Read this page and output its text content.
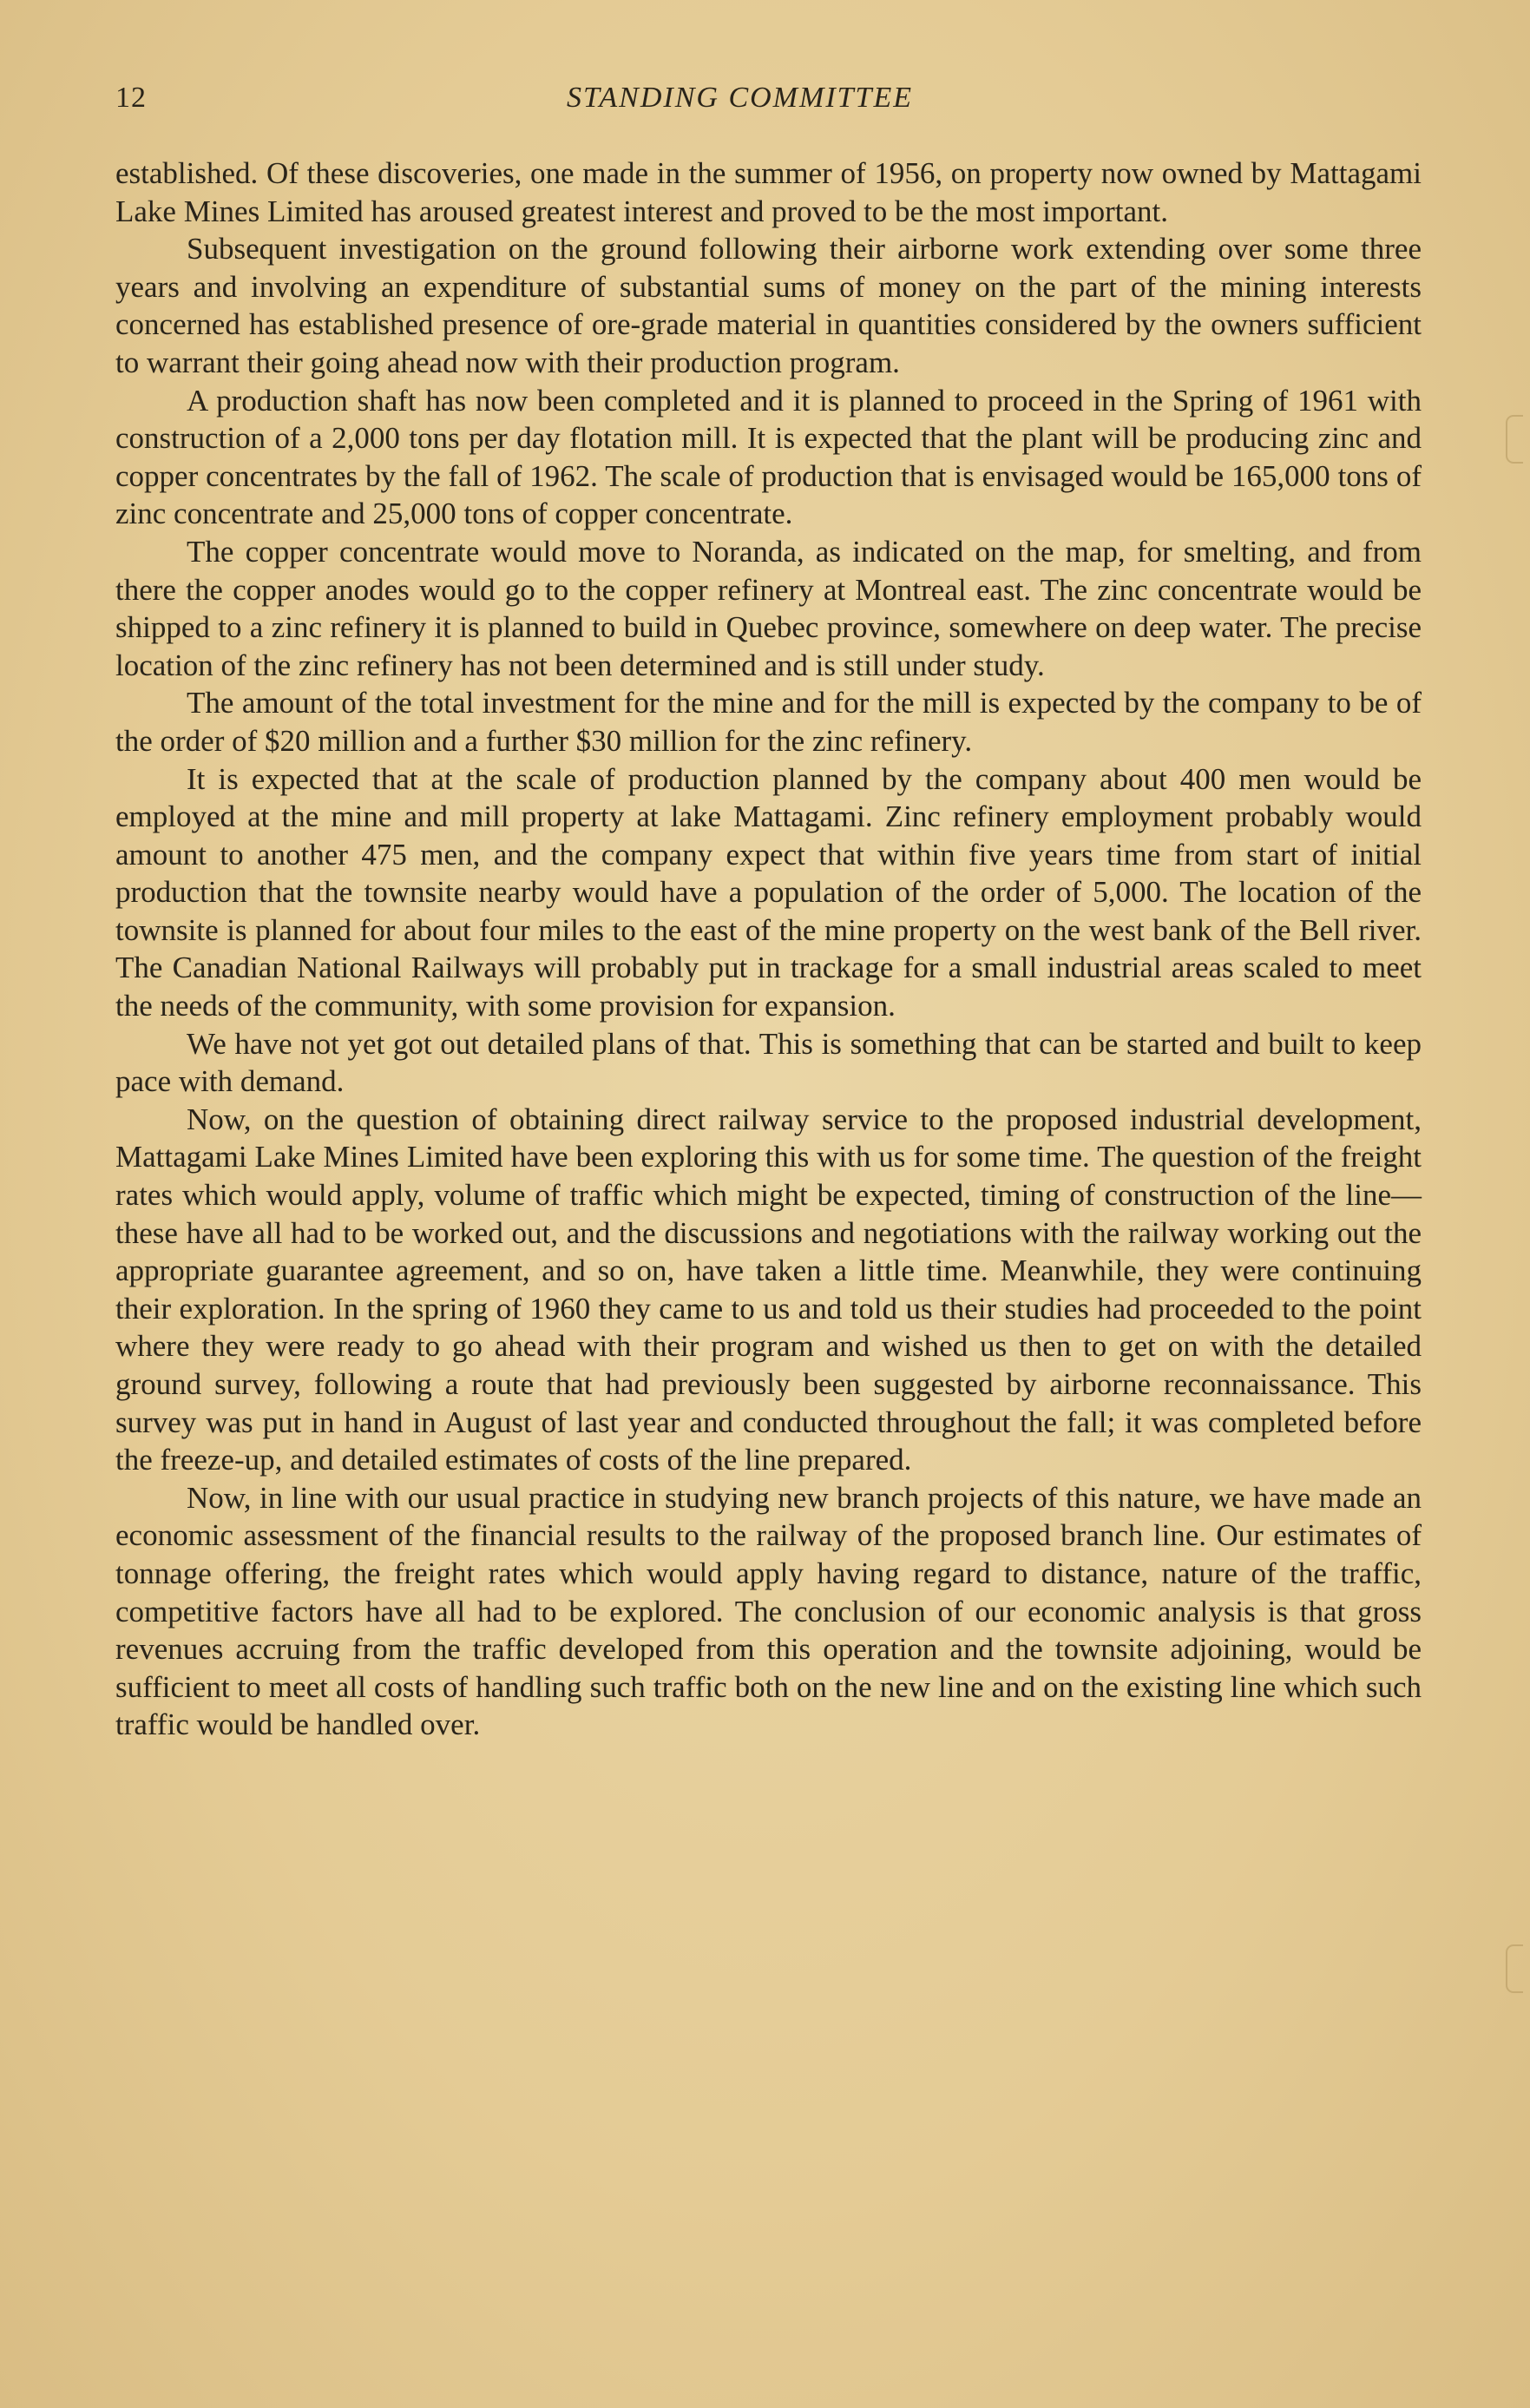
12	STANDING COMMITTEE

established. Of these discoveries, one made in the summer of 1956, on property now owned by Mattagami Lake Mines Limited has aroused greatest interest and proved to be the most important.

Subsequent investigation on the ground following their airborne work extending over some three years and involving an expenditure of substantial sums of money on the part of the mining interests concerned has established presence of ore-grade material in quantities considered by the owners sufficient to warrant their going ahead now with their production program.

A production shaft has now been completed and it is planned to proceed in the Spring of 1961 with construction of a 2,000 tons per day flotation mill. It is expected that the plant will be producing zinc and copper concentrates by the fall of 1962. The scale of production that is envisaged would be 165,000 tons of zinc concentrate and 25,000 tons of copper concentrate.

The copper concentrate would move to Noranda, as indicated on the map, for smelting, and from there the copper anodes would go to the copper refinery at Montreal east. The zinc concentrate would be shipped to a zinc refinery it is planned to build in Quebec province, somewhere on deep water. The precise location of the zinc refinery has not been determined and is still under study.

The amount of the total investment for the mine and for the mill is expected by the company to be of the order of $20 million and a further $30 million for the zinc refinery.

It is expected that at the scale of production planned by the company about 400 men would be employed at the mine and mill property at lake Mattagami. Zinc refinery employment probably would amount to another 475 men, and the company expect that within five years time from start of initial production that the townsite nearby would have a population of the order of 5,000. The location of the townsite is planned for about four miles to the east of the mine property on the west bank of the Bell river. The Canadian National Railways will probably put in trackage for a small industrial areas scaled to meet the needs of the community, with some provision for expansion.

We have not yet got out detailed plans of that. This is something that can be started and built to keep pace with demand.

Now, on the question of obtaining direct railway service to the proposed industrial development, Mattagami Lake Mines Limited have been exploring this with us for some time. The question of the freight rates which would apply, volume of traffic which might be expected, timing of construction of the line—these have all had to be worked out, and the discussions and negotiations with the railway working out the appropriate guarantee agreement, and so on, have taken a little time. Meanwhile, they were continuing their exploration. In the spring of 1960 they came to us and told us their studies had proceeded to the point where they were ready to go ahead with their program and wished us then to get on with the detailed ground survey, following a route that had previously been suggested by airborne reconnaissance. This survey was put in hand in August of last year and conducted throughout the fall; it was completed before the freeze-up, and detailed estimates of costs of the line prepared.

Now, in line with our usual practice in studying new branch projects of this nature, we have made an economic assessment of the financial results to the railway of the proposed branch line. Our estimates of tonnage offering, the freight rates which would apply having regard to distance, nature of the traffic, competitive factors have all had to be explored. The conclusion of our economic analysis is that gross revenues accruing from the traffic developed from this operation and the townsite adjoining, would be sufficient to meet all costs of handling such traffic both on the new line and on the existing line which such traffic would be handled over.
